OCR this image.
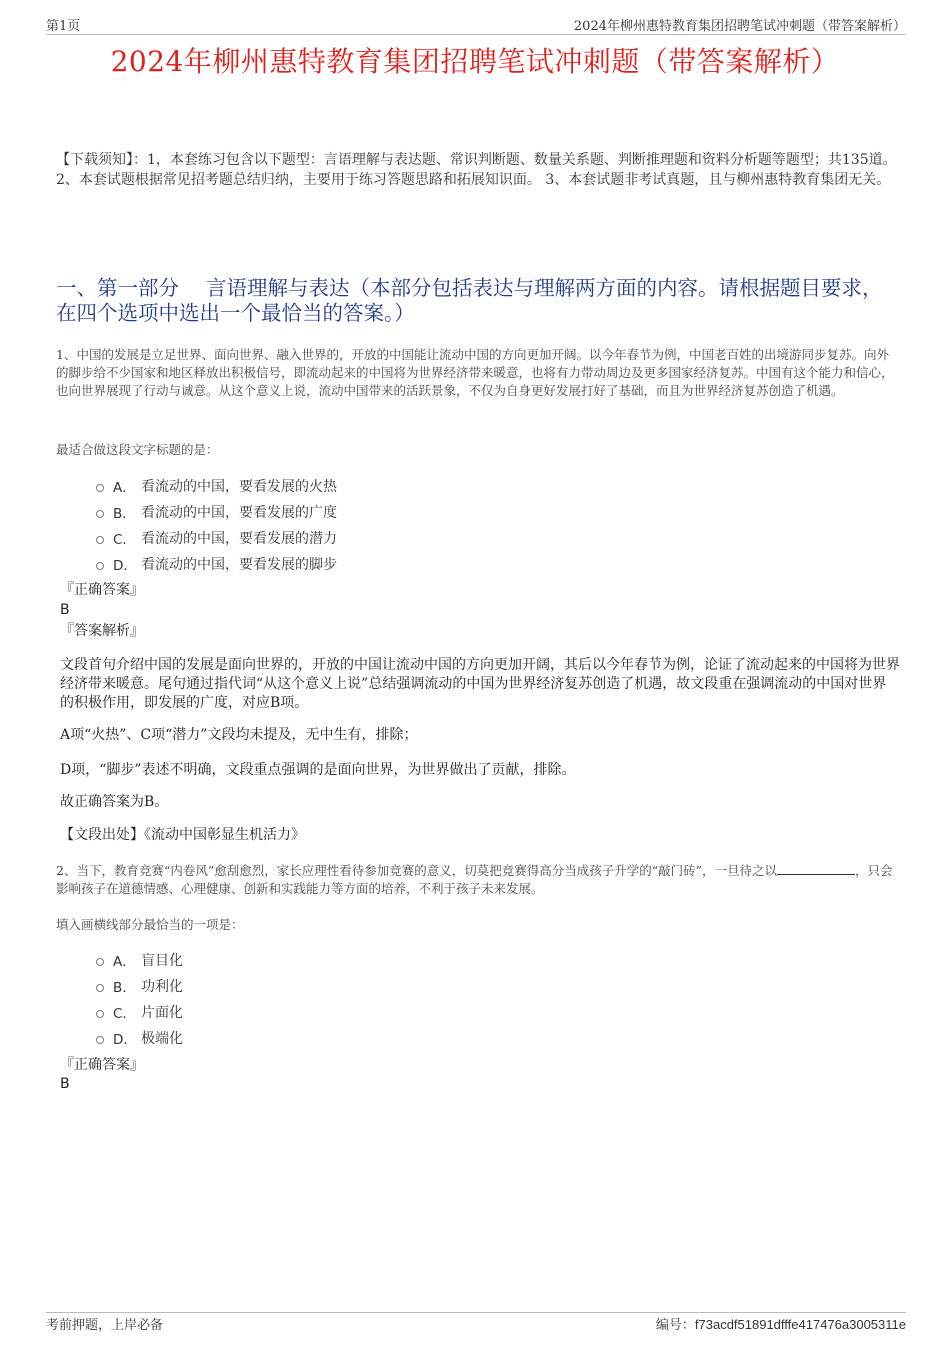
第1页	2024年柳州惠特教育集团招聘笔试冲刺题（带答案解析）
2024年柳州惠特教育集团招聘笔试冲刺题（带答案解析）
【下载须知】：1，本套练习包含以下题型：言语理解与表达题、常识判断题、数量关系题、判断推理题和资料分析题等题型；共135道。 2、本套试题根据常见招考题总结归纳，主要用于练习答题思路和拓展知识面。 3、本套试题非考试真题，且与柳州惠特教育集团无关。
一、第一部分　 言语理解与表达（本部分包括表达与理解两方面的内容。请根据题目要求，在四个选项中选出一个最恰当的答案。）
1、中国的发展是立足世界、面向世界、融入世界的，开放的中国能让流动中国的方向更加开阔。以今年春节为例，中国老百姓的出境游同步复苏。向外的脚步给不少国家和地区释放出积极信号，即流动起来的中国将为世界经济带来暖意，也将有力带动周边及更多国家经济复苏。中国有这个能力和信心，也向世界展现了行动与诚意。从这个意义上说，流动中国带来的活跃景象，不仅为自身更好发展打好了基础，而且为世界经济复苏创造了机遇。
最适合做这段文字标题的是：
A． 看流动的中国，要看发展的火热
B． 看流动的中国，要看发展的广度
C． 看流动的中国，要看发展的潜力
D． 看流动的中国，要看发展的脚步
『正确答案』
B
『答案解析』
文段首句介绍中国的发展是面向世界的，开放的中国让流动中国的方向更加开阔，其后以今年春节为例，论证了流动起来的中国将为世界经济带来暖意。尾句通过指代词“从这个意义上说”总结强调流动的中国为世界经济复苏创造了机遇，故文段重在强调流动的中国对世界的积极作用，即发展的广度，对应B项。
A项“火热”、C项“潜力”文段均未提及，无中生有，排除；
D项，“脚步”表述不明确，文段重点强调的是面向世界，为世界做出了贡献，排除。
故正确答案为B。
【文段出处】《流动中国彰显生机活力》
2、当下，教育竞赛“内卷风”愈刮愈烈，家长应理性看待参加竞赛的意义，切莫把竞赛得高分当成孩子升学的“敲门砖”，一旦待之以	，只会影响孩子在道德情感、心理健康、创新和实践能力等方面的培养，不利于孩子未来发展。
填入画横线部分最恰当的一项是：
A． 盲目化
B． 功利化
C． 片面化
D． 极端化
『正确答案』
B
考前押题，上岸必备	编号：f73acdf51891dfffe417476a3005311e
